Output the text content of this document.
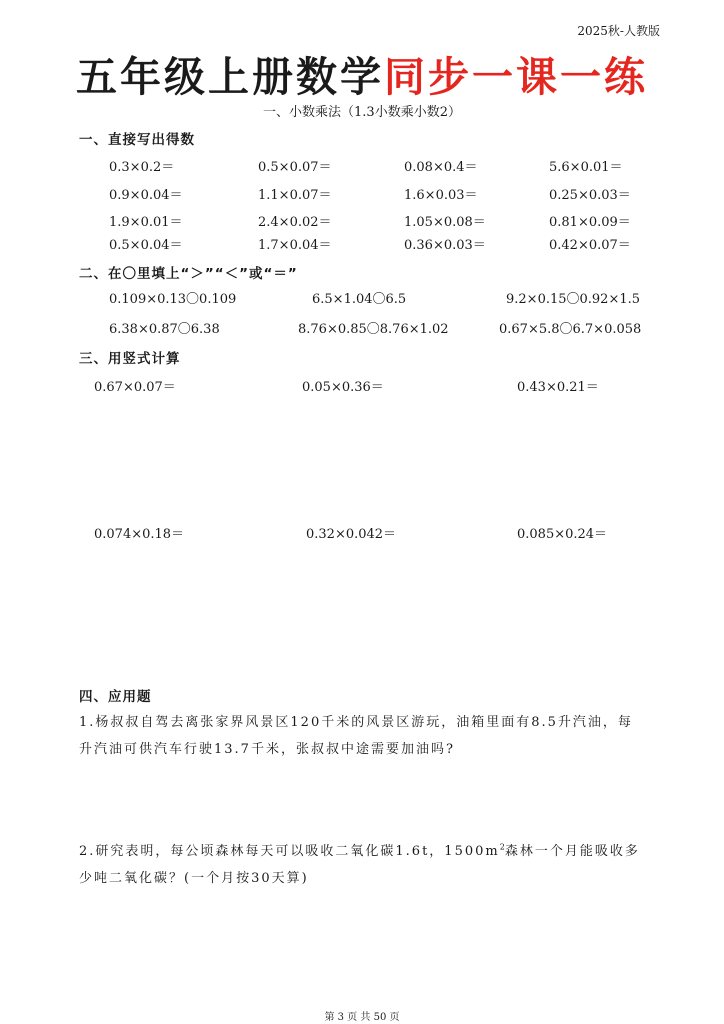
2025秋-人教版
五年级上册数学同步一课一练
一、小数乘法（1.3小数乘小数2）
一、直接写出得数
0.3×0.2＝	0.5×0.07＝	0.08×0.4＝	5.6×0.01＝
0.9×0.04＝	1.1×0.07＝	1.6×0.03＝	0.25×0.03＝
1.9×0.01＝	2.4×0.02＝	1.05×0.08＝	0.81×0.09＝
0.5×0.04＝	1.7×0.04＝	0.36×0.03＝	0.42×0.07＝
二、在〇里填上“＞”“＜”或“＝”
0.109×0.13〇0.109	6.5×1.04〇6.5	9.2×0.15〇0.92×1.5
6.38×0.87〇6.38	8.76×0.85〇8.76×1.02	0.67×5.8〇6.7×0.058
三、用竖式计算
0.67×0.07＝	0.05×0.36＝	0.43×0.21＝
0.074×0.18＝	0.32×0.042＝	0.085×0.24＝
四、应用题
1.杨叔叔自驾去离张家界风景区120千米的风景区游玩，油箱里面有8.5升汽油，每升汽油可供汽车行驶13.7千米，张叔叔中途需要加油吗?
2.研究表明，每公顷森林每天可以吸收二氧化碳1.6t，$1500m^2$森林一个月能吸收多少吨二氧化碳？(一个月按30天算)
第 3 页 共 50 页
